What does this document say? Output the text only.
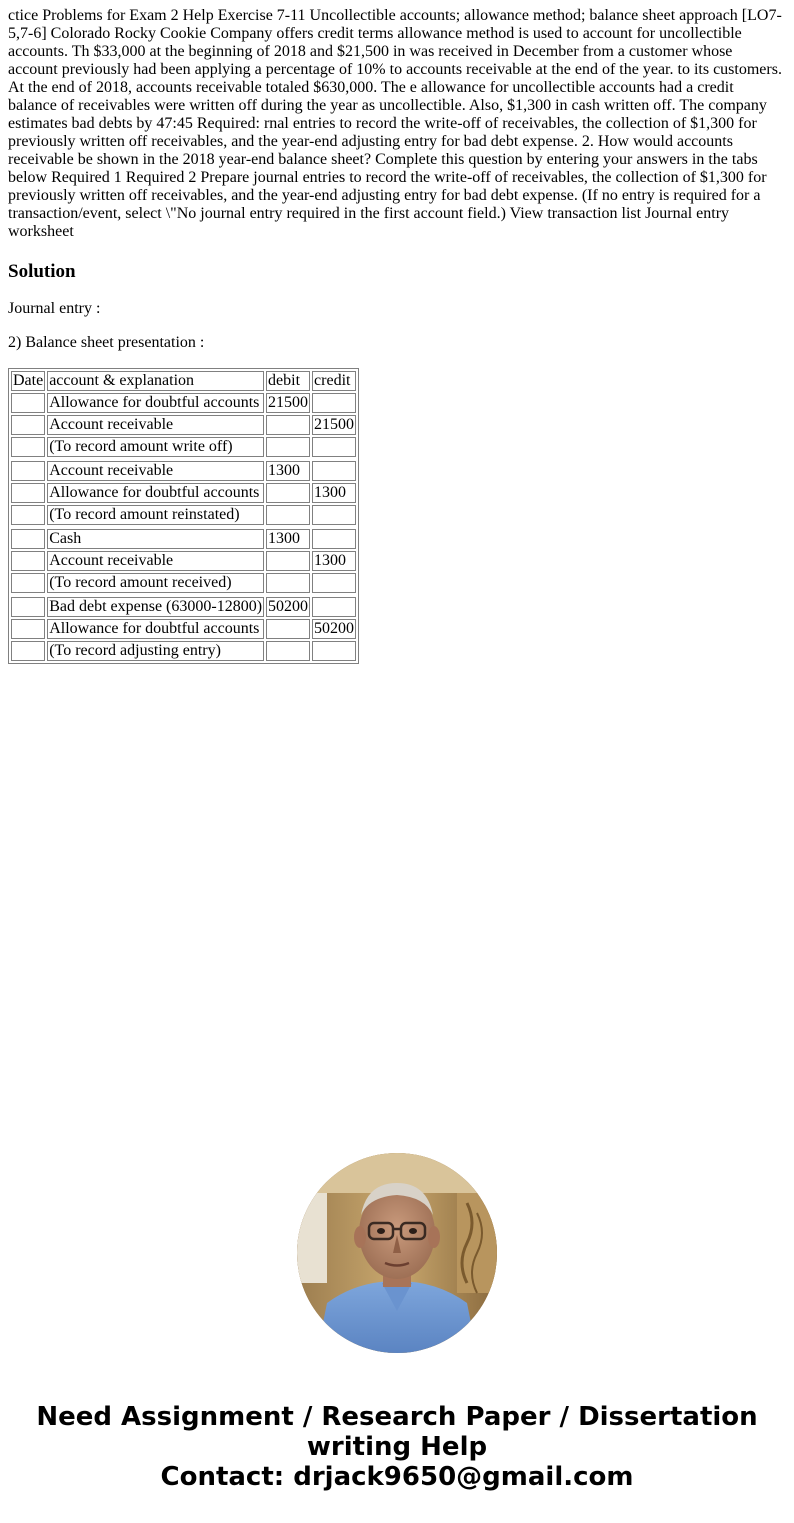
ctice Problems for Exam 2 Help Exercise 7-11 Uncollectible accounts; allowance method; balance sheet approach [LO7-5,7-6] Colorado Rocky Cookie Company offers credit terms allowance method is used to account for uncollectible accounts. Th $33,000 at the beginning of 2018 and $21,500 in was received in December from a customer whose account previously had been applying a percentage of 10% to accounts receivable at the end of the year. to its customers. At the end of 2018, accounts receivable totaled $630,000. The e allowance for uncollectible accounts had a credit balance of receivables were written off during the year as uncollectible. Also, $1,300 in cash written off. The company estimates bad debts by 47:45 Required: rnal entries to record the write-off of receivables, the collection of $1,300 for previously written off receivables, and the year-end adjusting entry for bad debt expense. 2. How would accounts receivable be shown in the 2018 year-end balance sheet? Complete this question by entering your answers in the tabs below Required 1 Required 2 Prepare journal entries to record the write-off of receivables, the collection of $1,300 for previously written off receivables, and the year-end adjusting entry for bad debt expense. (If no entry is required for a transaction/event, select \"No journal entry required in the first account field.) View transaction list Journal entry worksheet

Solution

Journal entry :

2) Balance sheet presentation :

Date	account & explanation	debit	credit
	Allowance for doubtful accounts	21500	
	Account receivable		21500
	(To record amount write off)		

	Account receivable	1300	
	Allowance for doubtful accounts		1300
	(To record amount reinstated)		

	Cash	1300	
	Account receivable		1300
	(To record amount received)		

	Bad debt expense (63000-12800)	50200	
	Allowance for doubtful accounts		50200
	(To record adjusting entry)		
Need Assignment / Research Paper / Dissertation
writing Help
Contact: drjack9650@gmail.com
